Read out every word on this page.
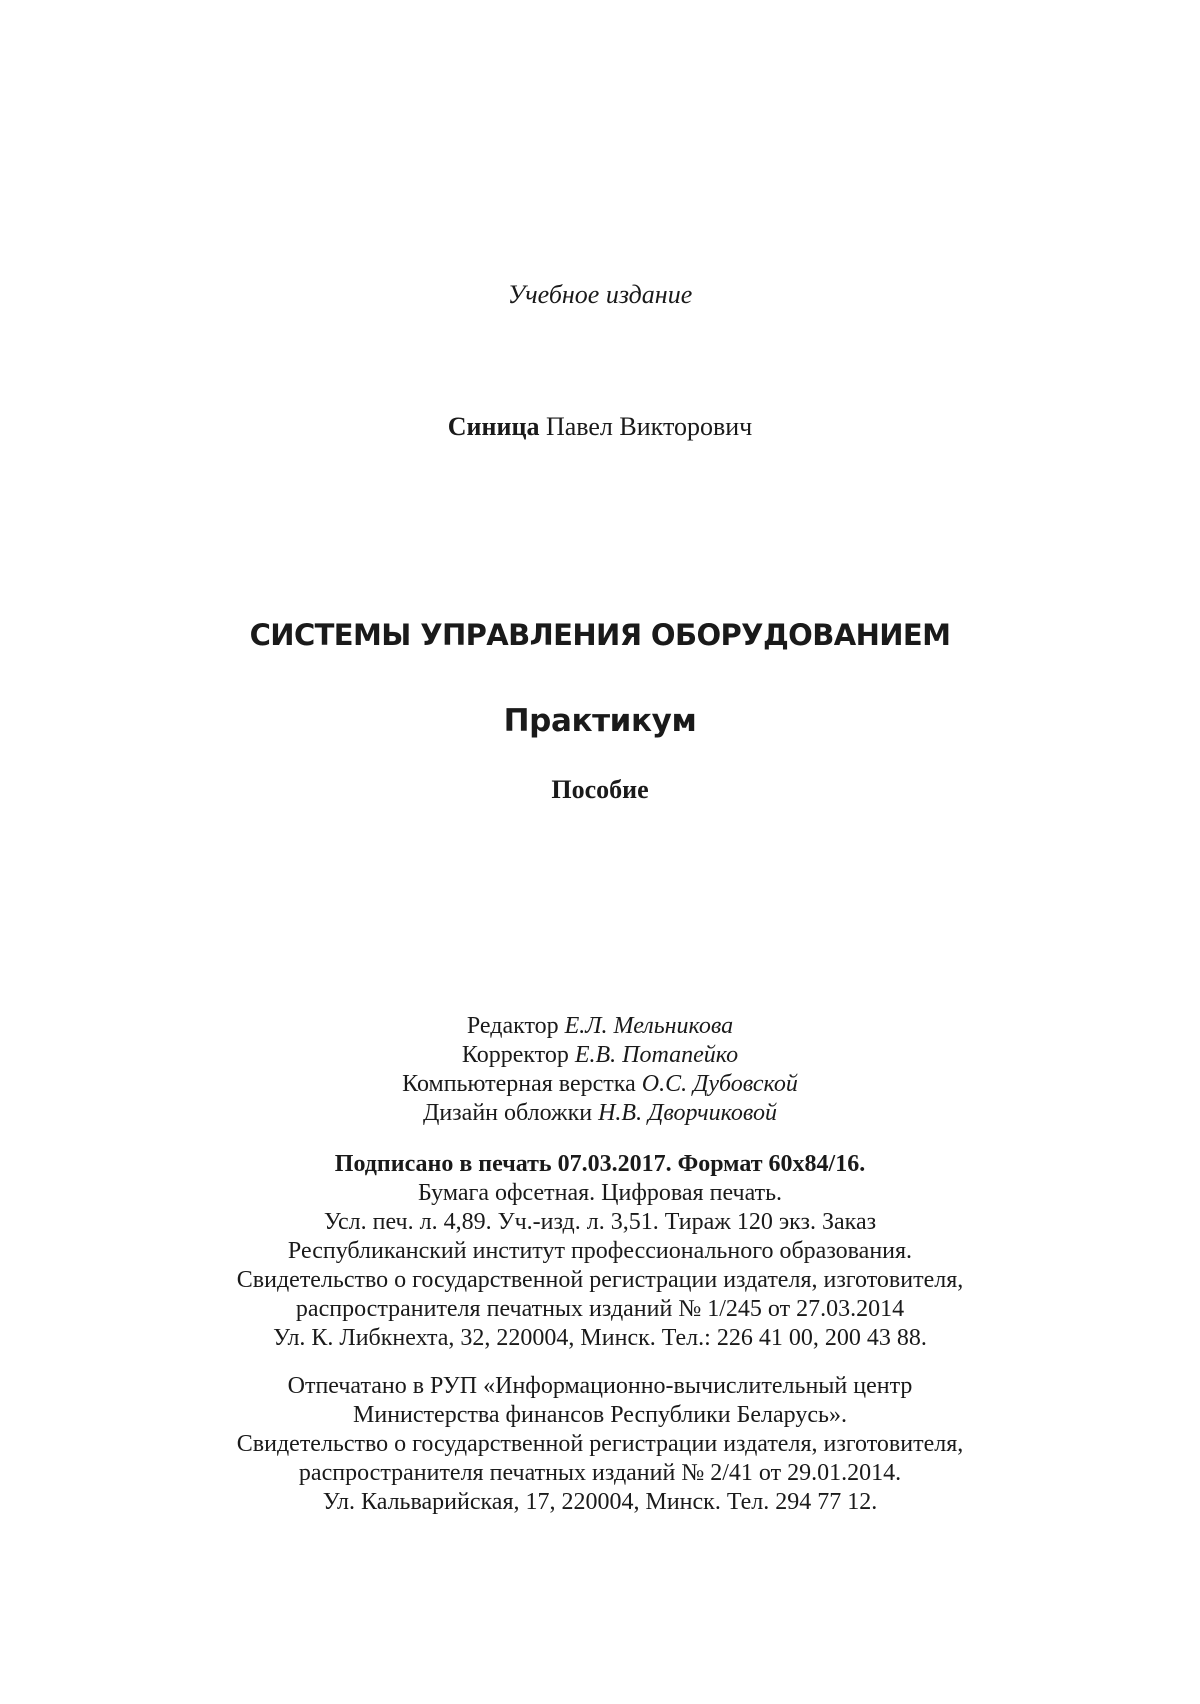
Учебное издание
Синица Павел Викторович
СИСТЕМЫ УПРАВЛЕНИЯ ОБОРУДОВАНИЕМ
Практикум
Пособие
Редактор Е.Л. Мельникова
Корректор Е.В. Потапейко
Компьютерная верстка О.С. Дубовской
Дизайн обложки Н.В. Дворчиковой
Подписано в печать 07.03.2017. Формат 60х84/16.
Бумага офсетная. Цифровая печать.
Усл. печ. л. 4,89. Уч.-изд. л. 3,51. Тираж 120 экз. Заказ
Республиканский институт профессионального образования.
Свидетельство о государственной регистрации издателя, изготовителя,
распространителя печатных изданий № 1/245 от 27.03.2014
Ул. К. Либкнехта, 32, 220004, Минск. Тел.: 226 41 00, 200 43 88.
Отпечатано в РУП «Информационно-вычислительный центр
Министерства финансов Республики Беларусь».
Свидетельство о государственной регистрации издателя, изготовителя,
распространителя печатных изданий № 2/41 от 29.01.2014.
Ул. Кальварийская, 17, 220004, Минск. Тел. 294 77 12.
